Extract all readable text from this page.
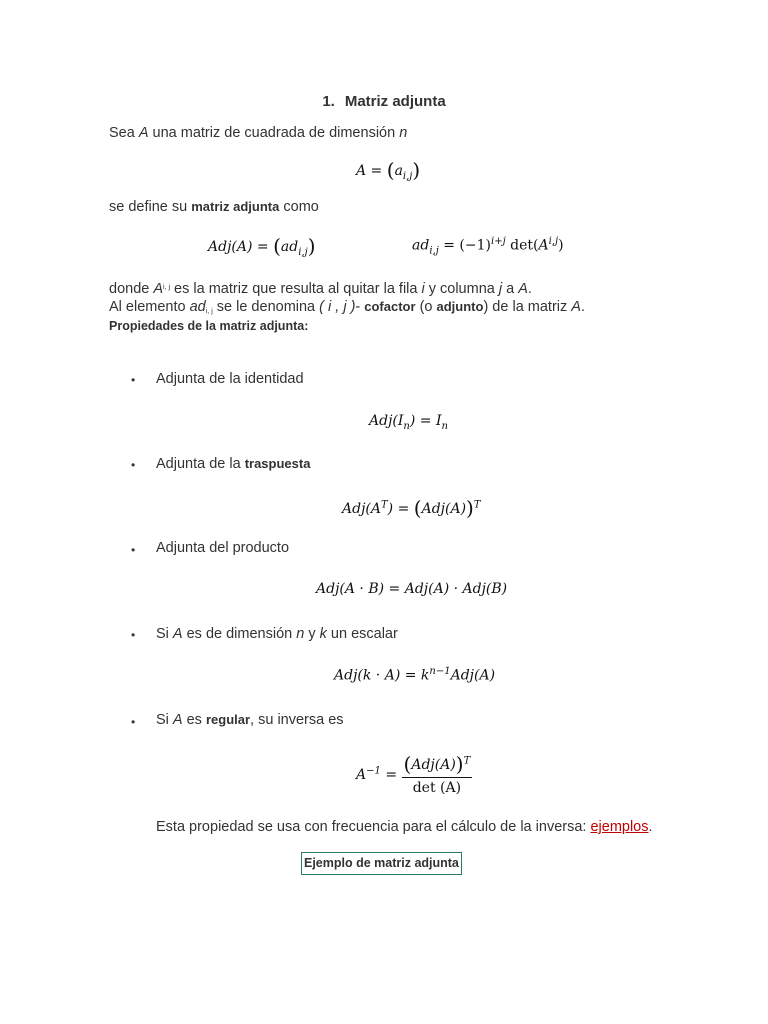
1. Matriz adjunta
Sea A una matriz de cuadrada de dimensión n
$A = (a_{i,j})$
se define su matriz adjunta como
$Adj(A) = (ad_{i,j})$	$ad_{i,j} = (-1)^{i+j}$ $\det(A^{i,j})$
donde A$^{i, j}$ es la matriz que resulta al quitar la fila i y columna j a A.
Al elemento adi, j se le denomina ( i , j )- cofactor (o adjunto) de la matriz A.
Propiedades de la matriz adjunta:
• Adjunta de la identidad
$Adj(I_n) = I_n$
• Adjunta de la traspuesta
$Adj(A^T) = (Adj(A))^T$
• Adjunta del producto
Adj(A · B) = Adj(A) · Adj(B)
• Si A es de dimensión n y k un escalar
$Adj(k \cdot A) = k^{n-1}Adj(A)$
• Si A es regular, su inversa es
$A^{-1} = \frac{(Adj(A))^T}{\det (A)}$
Esta propiedad se usa con frecuencia para el cálculo de la inversa: ejemplos.
Ejemplo de matriz adjunta
